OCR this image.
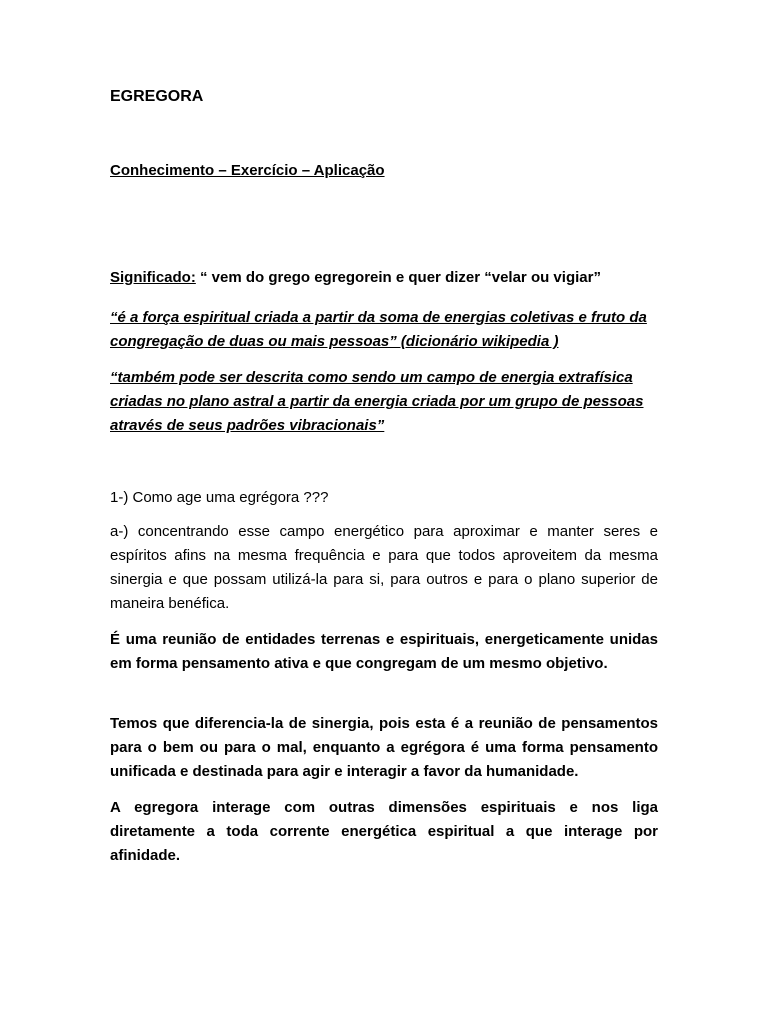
EGREGORA

Conhecimento – Exercício – Aplicação

Significado: “ vem do grego egregorein e quer dizer “velar ou vigiar”

“é a força espiritual criada a partir da soma de energias coletivas e fruto da congregação de duas ou mais pessoas” (dicionário wikipedia )

“também pode ser descrita como sendo um campo de energia extrafísica criadas no plano astral a partir da energia criada por um grupo de pessoas através de seus padrões vibracionais”

1-) Como age uma egrégora ???

a-) concentrando esse campo energético para aproximar e manter seres e espíritos afins na mesma frequência e para que todos aproveitem da mesma sinergia e que possam utilizá-la para si, para outros e para o plano superior de maneira benéfica.

É uma reunião de entidades terrenas e espirituais, energeticamente unidas em forma pensamento ativa e que congregam de um mesmo objetivo.

Temos que diferencia-la de sinergia, pois esta é a reunião de pensamentos para o bem ou para o mal, enquanto a egrégora é uma forma pensamento unificada e destinada para agir e interagir a favor da humanidade.

A egregora interage com outras dimensões espirituais e nos liga diretamente a toda corrente energética espiritual a que interage por afinidade.
